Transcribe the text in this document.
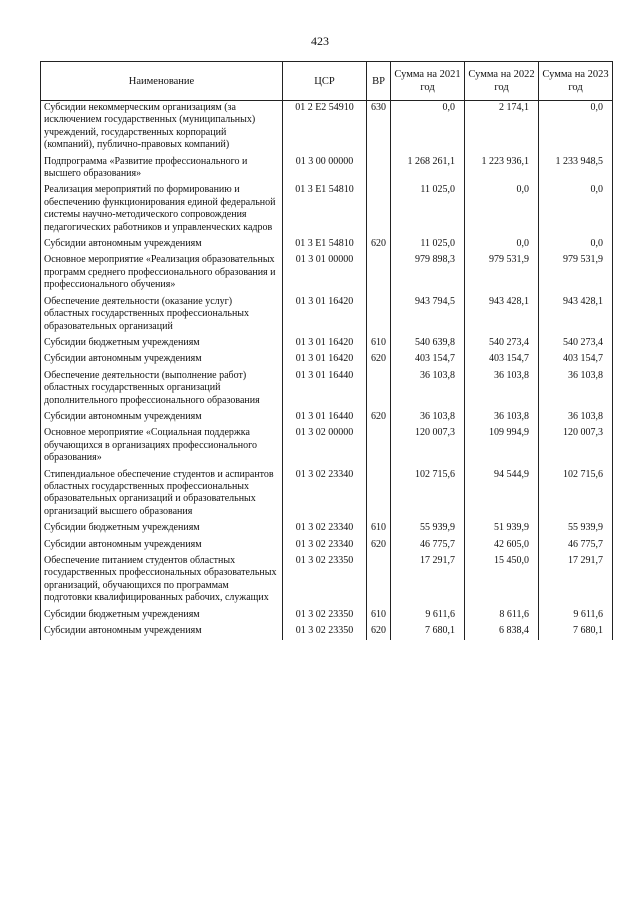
423
Наименование	ЦСР	ВР	Сумма на 2021 год	Сумма на 2022 год	Сумма на 2023 год
Субсидии некоммерческим организациям (за исключением государственных (муниципальных) учреждений, государственных корпораций (компаний), публично-правовых компаний)	01 2 E2 54910	630	0,0	2 174,1	0,0
Подпрограмма «Развитие профессионального и высшего образования»	01 3 00 00000		1 268 261,1	1 223 936,1	1 233 948,5
Реализация мероприятий по формированию и обеспечению функционирования единой федеральной системы научно-методического сопровождения педагогических работников и управленческих кадров	01 3 E1 54810		11 025,0	0,0	0,0
Субсидии автономным учреждениям	01 3 E1 54810	620	11 025,0	0,0	0,0
Основное мероприятие «Реализация образовательных программ среднего профессионального образования и профессионального обучения»	01 3 01 00000		979 898,3	979 531,9	979 531,9
Обеспечение деятельности (оказание услуг) областных государственных профессиональных образовательных организаций	01 3 01 16420		943 794,5	943 428,1	943 428,1
Субсидии бюджетным учреждениям	01 3 01 16420	610	540 639,8	540 273,4	540 273,4
Субсидии автономным учреждениям	01 3 01 16420	620	403 154,7	403 154,7	403 154,7
Обеспечение деятельности (выполнение работ) областных государственных организаций дополнительного профессионального образования	01 3 01 16440		36 103,8	36 103,8	36 103,8
Субсидии автономным учреждениям	01 3 01 16440	620	36 103,8	36 103,8	36 103,8
Основное мероприятие «Социальная поддержка обучающихся в организациях профессионального образования»	01 3 02 00000		120 007,3	109 994,9	120 007,3
Стипендиальное обеспечение студентов и аспирантов областных государственных профессиональных образовательных организаций и образовательных организаций высшего образования	01 3 02 23340		102 715,6	94 544,9	102 715,6
Субсидии бюджетным учреждениям	01 3 02 23340	610	55 939,9	51 939,9	55 939,9
Субсидии автономным учреждениям	01 3 02 23340	620	46 775,7	42 605,0	46 775,7
Обеспечение питанием студентов областных государственных профессиональных образовательных организаций, обучающихся по программам подготовки квалифицированных рабочих, служащих	01 3 02 23350		17 291,7	15 450,0	17 291,7
Субсидии бюджетным учреждениям	01 3 02 23350	610	9 611,6	8 611,6	9 611,6
Субсидии автономным учреждениям	01 3 02 23350	620	7 680,1	6 838,4	7 680,1
